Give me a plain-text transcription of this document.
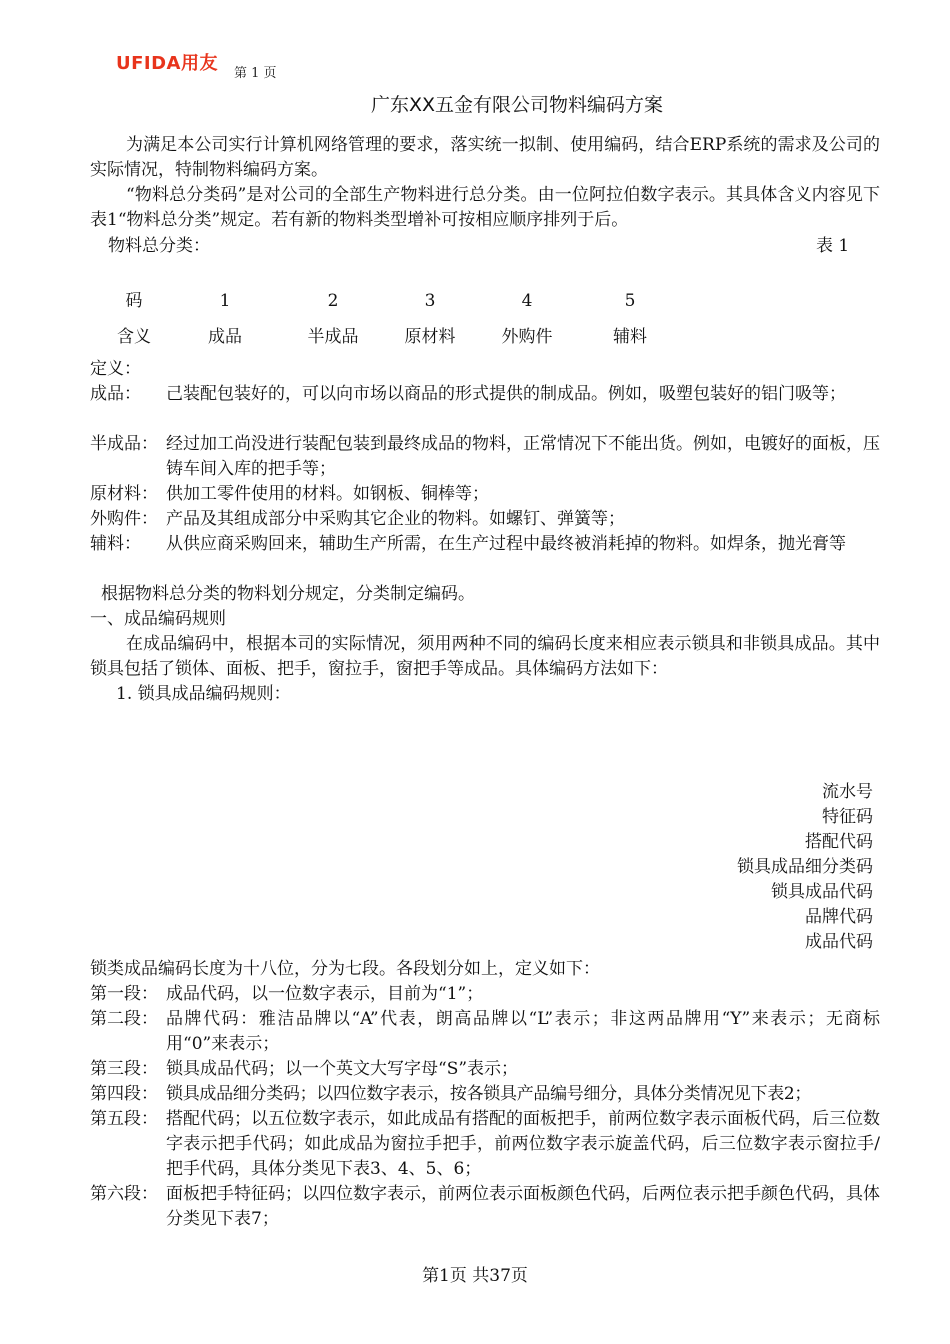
UFIDA用友 第 1 页
广东XX五金有限公司物料编码方案
为满足本公司实行计算机网络管理的要求，落实统一拟制、使用编码，结合ERP系统的需求及公司的实际情况，特制物料编码方案。
“物料总分类码”是对公司的全部生产物料进行总分类。由一位阿拉伯数字表示。其具体含义内容见下表1“物料总分类”规定。若有新的物料类型增补可按相应顺序排列于后。
物料总分类：	表 1
码	1	2	3	4	5
含义	成品	半成品	原材料	外购件	辅料
定义：
成品： 己装配包装好的，可以向市场以商品的形式提供的制成品。例如，吸塑包装好的铝门吸等；
半成品： 经过加工尚没进行装配包装到最终成品的物料，正常情况下不能出货。例如，电镀好的面板，压铸车间入库的把手等；
原材料： 供加工零件使用的材料。如钢板、铜棒等；
外购件： 产品及其组成部分中采购其它企业的物料。如螺钉、弹簧等；
辅料： 从供应商采购回来，辅助生产所需，在生产过程中最终被消耗掉的物料。如焊条，抛光膏等
根据物料总分类的物料划分规定，分类制定编码。
一、成品编码规则
在成品编码中，根据本司的实际情况，须用两种不同的编码长度来相应表示锁具和非锁具成品。其中锁具包括了锁体、面板、把手，窗拉手，窗把手等成品。具体编码方法如下：
1. 锁具成品编码规则：
流水号
特征码
搭配代码
锁具成品细分类码
锁具成品代码
品牌代码
成品代码
锁类成品编码长度为十八位，分为七段。各段划分如上，定义如下：
第一段： 成品代码，以一位数字表示，目前为“1”；
第二段： 品牌代码：雅洁品牌以“A”代表，朗高品牌以“L”表示；非这两品牌用“Y”来表示；无商标用“0”来表示；
第三段： 锁具成品代码；以一个英文大写字母“S”表示；
第四段： 锁具成品细分类码；以四位数字表示，按各锁具产品编号细分，具体分类情况见下表2；
第五段： 搭配代码；以五位数字表示，如此成品有搭配的面板把手，前两位数字表示面板代码，后三位数字表示把手代码；如此成品为窗拉手把手，前两位数字表示旋盖代码，后三位数字表示窗拉手/把手代码，具体分类见下表3、4、5、6；
第六段： 面板把手特征码；以四位数字表示，前两位表示面板颜色代码，后两位表示把手颜色代码，具体分类见下表7；
第1页 共37页
